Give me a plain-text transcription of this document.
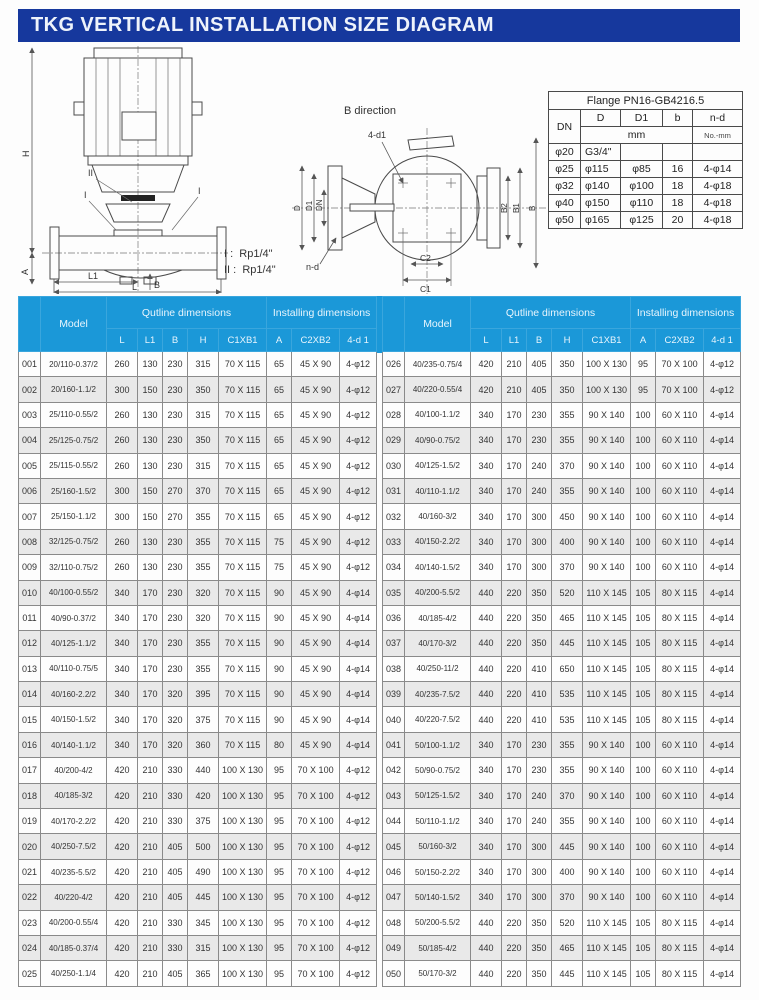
TKG VERTICAL INSTALLATION SIZE DIAGRAM
H
A	L1
L B
II
I	I
I :  Rp1/4"
II :  Rp1/4"
B direction
D D1 DN
4-d1
n-d
C2
C1
B2 B1 B
Flange PN16-GB4216.5				
DN	D	D1	b	n-d
	mm			No.-mm
φ20	G3/4"			
φ25	φ115	φ85	16	4-φ14
φ32	φ140	φ100	18	4-φ18
φ40	φ150	φ110	18	4-φ18
φ50	φ165	φ125	20	4-φ18
	Model	Qutline dimensions					Installing dimensions		
		L	L1	B	H	C1XB1	A	C2XB2	4-d 1
001	20/110-0.37/2	260	130	230	315	70 X 115	65	45 X 90	4-φ12
002	20/160-1.1/2	300	150	230	350	70 X 115	65	45 X 90	4-φ12
003	25/110-0.55/2	260	130	230	315	70 X 115	65	45 X 90	4-φ12
004	25/125-0.75/2	260	130	230	350	70 X 115	65	45 X 90	4-φ12
005	25/115-0.55/2	260	130	230	315	70 X 115	65	45 X 90	4-φ12
006	25/160-1.5/2	300	150	270	370	70 X 115	65	45 X 90	4-φ12
007	25/150-1.1/2	300	150	270	355	70 X 115	65	45 X 90	4-φ12
008	32/125-0.75/2	260	130	230	355	70 X 115	75	45 X 90	4-φ12
009	32/110-0.75/2	260	130	230	355	70 X 115	75	45 X 90	4-φ12
010	40/100-0.55/2	340	170	230	320	70 X 115	90	45 X 90	4-φ14
011	40/90-0.37/2	340	170	230	320	70 X 115	90	45 X 90	4-φ14
012	40/125-1.1/2	340	170	230	355	70 X 115	90	45 X 90	4-φ14
013	40/110-0.75/5	340	170	230	355	70 X 115	90	45 X 90	4-φ14
014	40/160-2.2/2	340	170	320	395	70 X 115	90	45 X 90	4-φ14
015	40/150-1.5/2	340	170	320	375	70 X 115	90	45 X 90	4-φ14
016	40/140-1.1/2	340	170	320	360	70 X 115	80	45 X 90	4-φ14
017	40/200-4/2	420	210	330	440	100 X 130	95	70 X 100	4-φ12
018	40/185-3/2	420	210	330	420	100 X 130	95	70 X 100	4-φ12
019	40/170-2.2/2	420	210	330	375	100 X 130	95	70 X 100	4-φ12
020	40/250-7.5/2	420	210	405	500	100 X 130	95	70 X 100	4-φ12
021	40/235-5.5/2	420	210	405	490	100 X 130	95	70 X 100	4-φ12
022	40/220-4/2	420	210	405	445	100 X 130	95	70 X 100	4-φ12
023	40/200-0.55/4	420	210	330	345	100 X 130	95	70 X 100	4-φ12
024	40/185-0.37/4	420	210	330	315	100 X 130	95	70 X 100	4-φ12
025	40/250-1.1/4	420	210	405	365	100 X 130	95	70 X 100	4-φ12
	Model	Qutline dimensions					Installing dimensions		
		L	L1	B	H	C1XB1	A	C2XB2	4-d 1
026	40/235-0.75/4	420	210	405	350	100 X 130	95	70 X 100	4-φ12
027	40/220-0.55/4	420	210	405	350	100 X 130	95	70 X 100	4-φ12
028	40/100-1.1/2	340	170	230	355	90 X 140	100	60 X 110	4-φ14
029	40/90-0.75/2	340	170	230	355	90 X 140	100	60 X 110	4-φ14
030	40/125-1.5/2	340	170	240	370	90 X 140	100	60 X 110	4-φ14
031	40/110-1.1/2	340	170	240	355	90 X 140	100	60 X 110	4-φ14
032	40/160-3/2	340	170	300	450	90 X 140	100	60 X 110	4-φ14
033	40/150-2.2/2	340	170	300	400	90 X 140	100	60 X 110	4-φ14
034	40/140-1.5/2	340	170	300	370	90 X 140	100	60 X 110	4-φ14
035	40/200-5.5/2	440	220	350	520	110 X 145	105	80 X 115	4-φ14
036	40/185-4/2	440	220	350	465	110 X 145	105	80 X 115	4-φ14
037	40/170-3/2	440	220	350	445	110 X 145	105	80 X 115	4-φ14
038	40/250-11/2	440	220	410	650	110 X 145	105	80 X 115	4-φ14
039	40/235-7.5/2	440	220	410	535	110 X 145	105	80 X 115	4-φ14
040	40/220-7.5/2	440	220	410	535	110 X 145	105	80 X 115	4-φ14
041	50/100-1.1/2	340	170	230	355	90 X 140	100	60 X 110	4-φ14
042	50/90-0.75/2	340	170	230	355	90 X 140	100	60 X 110	4-φ14
043	50/125-1.5/2	340	170	240	370	90 X 140	100	60 X 110	4-φ14
044	50/110-1.1/2	340	170	240	355	90 X 140	100	60 X 110	4-φ14
045	50/160-3/2	340	170	300	445	90 X 140	100	60 X 110	4-φ14
046	50/150-2.2/2	340	170	300	400	90 X 140	100	60 X 110	4-φ14
047	50/140-1.5/2	340	170	300	370	90 X 140	100	60 X 110	4-φ14
048	50/200-5.5/2	440	220	350	520	110 X 145	105	80 X 115	4-φ14
049	50/185-4/2	440	220	350	465	110 X 145	105	80 X 115	4-φ14
050	50/170-3/2	440	220	350	445	110 X 145	105	80 X 115	4-φ14
